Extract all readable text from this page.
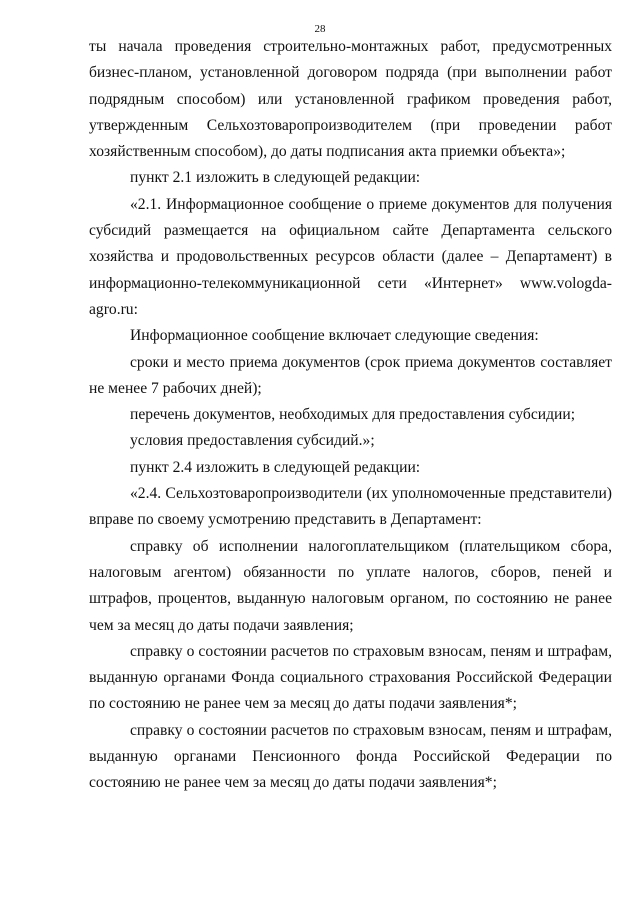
28

ты начала проведения строительно-монтажных работ, предусмотренных бизнес-планом, установленной договором подряда (при выполнении работ подрядным способом) или установленной графиком проведения работ, утвержденным Сельхозтоваропроизводителем (при проведении работ хозяйственным способом), до даты подписания акта приемки объекта»;

пункт 2.1 изложить в следующей редакции:

«2.1. Информационное сообщение о приеме документов для получения субсидий размещается на официальном сайте Департамента сельского хозяйства и продовольственных ресурсов области (далее – Департамент) в информационно-телекоммуникационной сети «Интернет» www.vologda-agro.ru:

Информационное сообщение включает следующие сведения:

сроки и место приема документов (срок приема документов составляет не менее 7 рабочих дней);

перечень документов, необходимых для предоставления субсидии;

условия предоставления субсидий.»;

пункт 2.4 изложить в следующей редакции:

«2.4. Сельхозтоваропроизводители (их уполномоченные представители) вправе по своему усмотрению представить в Департамент:

справку об исполнении налогоплательщиком (плательщиком сбора, налоговым агентом) обязанности по уплате налогов, сборов, пеней и штрафов, процентов, выданную налоговым органом, по состоянию не ранее чем за месяц до даты подачи заявления;

справку о состоянии расчетов по страховым взносам, пеням и штрафам, выданную органами Фонда социального страхования Российской Федерации по состоянию не ранее чем за месяц до даты подачи заявления*;

справку о состоянии расчетов по страховым взносам, пеням и штрафам, выданную органами Пенсионного фонда Российской Федерации по состоянию не ранее чем за месяц до даты подачи заявления*;
